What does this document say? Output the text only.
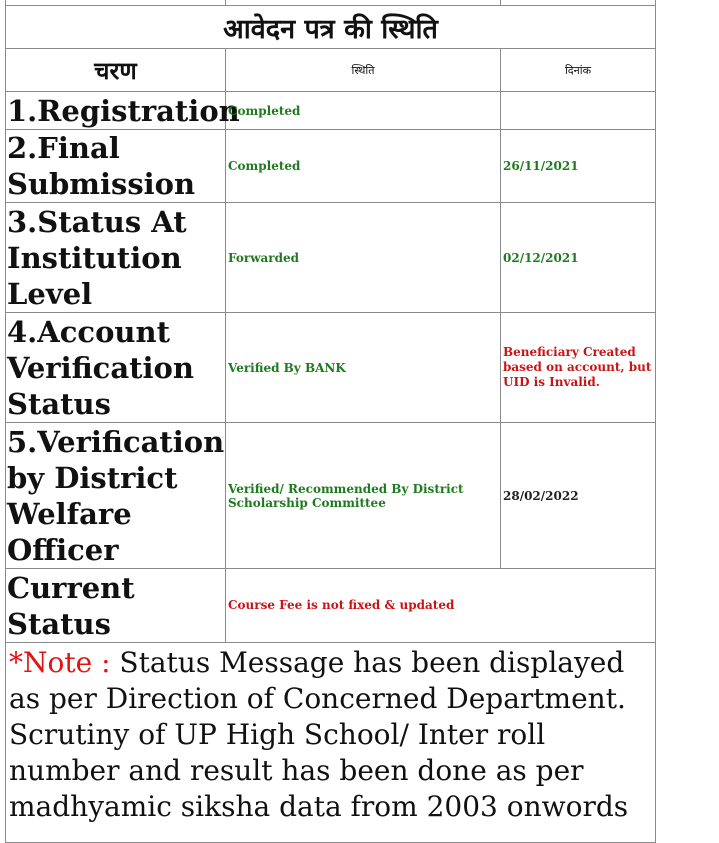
आवेदन पत्र की स्थिति		
चरण	स्थिति	दिनांक
1.Registration	Completed	
2.Final Submission	Completed	26/11/2021
3.Status At Institution Level	Forwarded	02/12/2021
4.Account Verification Status	Verified By BANK	Beneficiary Created based on account, but UID is Invalid.
5.Verification by District Welfare Officer	Verified/ Recommended By District Scholarship Committee	28/02/2022
Current Status	Course Fee is not fixed & updated	
*Note : Status Message has been displayed as per Direction of Concerned Department. Scrutiny of UP High School/ Inter roll number and result has been done as per madhyamic siksha data from 2003 onwords		
